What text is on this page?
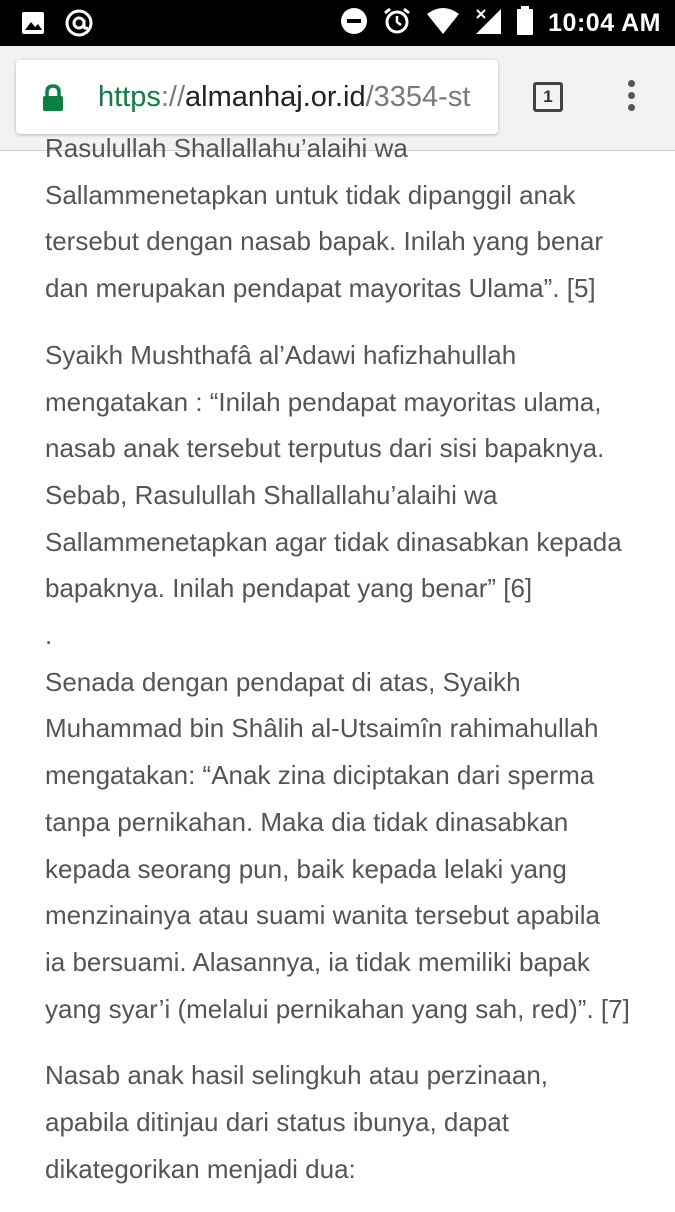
10:04 AM
https://almanhaj.or.id/3354-st	1

Rasulullah Shallallahu’alaihi wa
Sallammenetapkan untuk tidak dipanggil anak
tersebut dengan nasab bapak. Inilah yang benar
dan merupakan pendapat mayoritas Ulama”. [5]

Syaikh Mushthafâ al’Adawi hafizhahullah
mengatakan : “Inilah pendapat mayoritas ulama,
nasab anak tersebut terputus dari sisi bapaknya.
Sebab, Rasulullah Shallallahu’alaihi wa
Sallammenetapkan agar tidak dinasabkan kepada
bapaknya. Inilah pendapat yang benar” [6]
.

Senada dengan pendapat di atas, Syaikh
Muhammad bin Shâlih al-Utsaimîn rahimahullah
mengatakan: “Anak zina diciptakan dari sperma
tanpa pernikahan. Maka dia tidak dinasabkan
kepada seorang pun, baik kepada lelaki yang
menzinainya atau suami wanita tersebut apabila
ia bersuami. Alasannya, ia tidak memiliki bapak
yang syar’i (melalui pernikahan yang sah, red)”. [7]

Nasab anak hasil selingkuh atau perzinaan,
apabila ditinjau dari status ibunya, dapat
dikategorikan menjadi dua:
